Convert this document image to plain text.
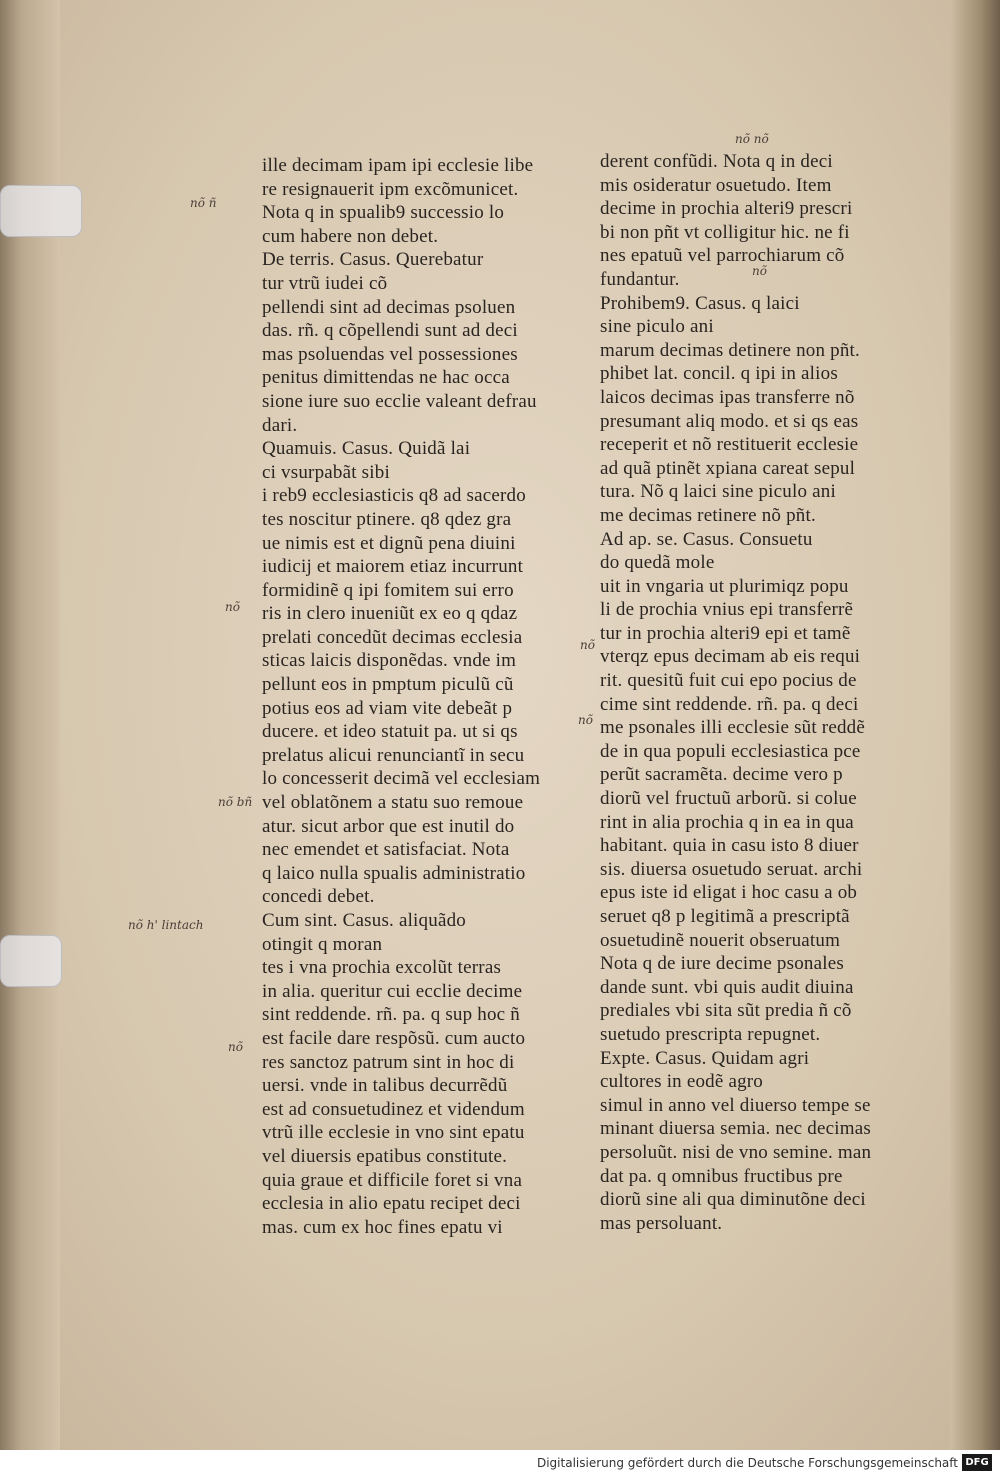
nõ ñ
nõ
nõ bñ
nõ h' lintach
nõ
nõ nõ
nõ
nõ
nõ

ille decimam ipam ipi ecclesie libe
re resignauerit ipm excõmunicet.
Nota q in spualib9 successio lo
cum habere non debet.
De terris. Casus. Querebatur
tur vtrũ iudei cõ
pellendi sint ad decimas psoluen
das. rñ. q cõpellendi sunt ad deci
mas psoluendas vel possessiones
penitus dimittendas ne hac occa
sione iure suo ecclie valeant defrau
dari.
Quamuis. Casus. Quidã lai
ci vsurpabãt sibi
i reb9 ecclesiasticis q8 ad sacerdo
tes noscitur ptinere. q8 qdez gra
ue nimis est et dignũ pena diuini
iudicij et maiorem etiaz incurrunt
formidinẽ q ipi fomitem sui erro
ris in clero inueniũt ex eo q qdaz
prelati concedũt decimas ecclesia
sticas laicis disponẽdas. vnde im
pellunt eos in pmptum piculũ cũ
potius eos ad viam vite debeãt p
ducere. et ideo statuit pa. ut si qs
prelatus alicui renunciantĩ in secu
lo concesserit decimã vel ecclesiam
vel oblatõnem a statu suo remoue
atur. sicut arbor que est inutil do
nec emendet et satisfaciat. Nota
q laico nulla spualis administratio
concedi debet.
Cum sint. Casus. aliquãdo
otingit q moran
tes i vna prochia excolũt terras
in alia. queritur cui ecclie decime
sint reddende. rñ. pa. q sup hoc ñ
est facile dare respõsũ. cum aucto
res sanctoz patrum sint in hoc di
uersi. vnde in talibus decurrẽdũ
est ad consuetudinez et videndum
vtrũ ille ecclesie in vno sint epatu
vel diuersis epatibus constitute.
quia graue et difficile foret si vna
ecclesia in alio epatu recipet deci
mas. cum ex hoc fines epatu vi

derent confũdi. Nota q in deci
mis osideratur osuetudo. Item
decime in prochia alteri9 prescri
bi non pñt vt colligitur hic. ne fi
nes epatuũ vel parrochiarum cõ
fundantur.
Prohibem9. Casus. q laici
sine piculo ani
marum decimas detinere non pñt.
phibet lat. concil. q ipi in alios
laicos decimas ipas transferre nõ
presumant aliq modo. et si qs eas
receperit et nõ restituerit ecclesie
ad quã ptinẽt xpiana careat sepul
tura. Nõ q laici sine piculo ani
me decimas retinere nõ pñt.
Ad ap. se. Casus. Consuetu
do quedã mole
uit in vngaria ut plurimiqz popu
li de prochia vnius epi transferrẽ
tur in prochia alteri9 epi et tamẽ
vterqz epus decimam ab eis requi
rit. quesitũ fuit cui epo pocius de
cime sint reddende. rñ. pa. q deci
me psonales illi ecclesie sũt reddẽ
de in qua populi ecclesiastica pce
perũt sacramẽta. decime vero p
diorũ vel fructuũ arborũ. si colue
rint in alia prochia q in ea in qua
habitant. quia in casu isto 8 diuer
sis. diuersa osuetudo seruat. archi
epus iste id eligat i hoc casu a ob
seruet q8 p legitimã a prescriptã
osuetudinẽ nouerit obseruatum
Nota q de iure decime psonales
dande sunt. vbi quis audit diuina
prediales vbi sita sũt predia ñ cõ
suetudo prescripta repugnet.
Expte. Casus. Quidam agri
cultores in eodẽ agro
simul in anno vel diuerso tempe se
minant diuersa semia. nec decimas
persoluũt. nisi de vno semine. man
dat pa. q omnibus fructibus pre
diorũ sine ali qua diminutõne deci
mas persoluant.

Digitalisierung gefördert durch die Deutsche Forschungsgemeinschaft DFG
